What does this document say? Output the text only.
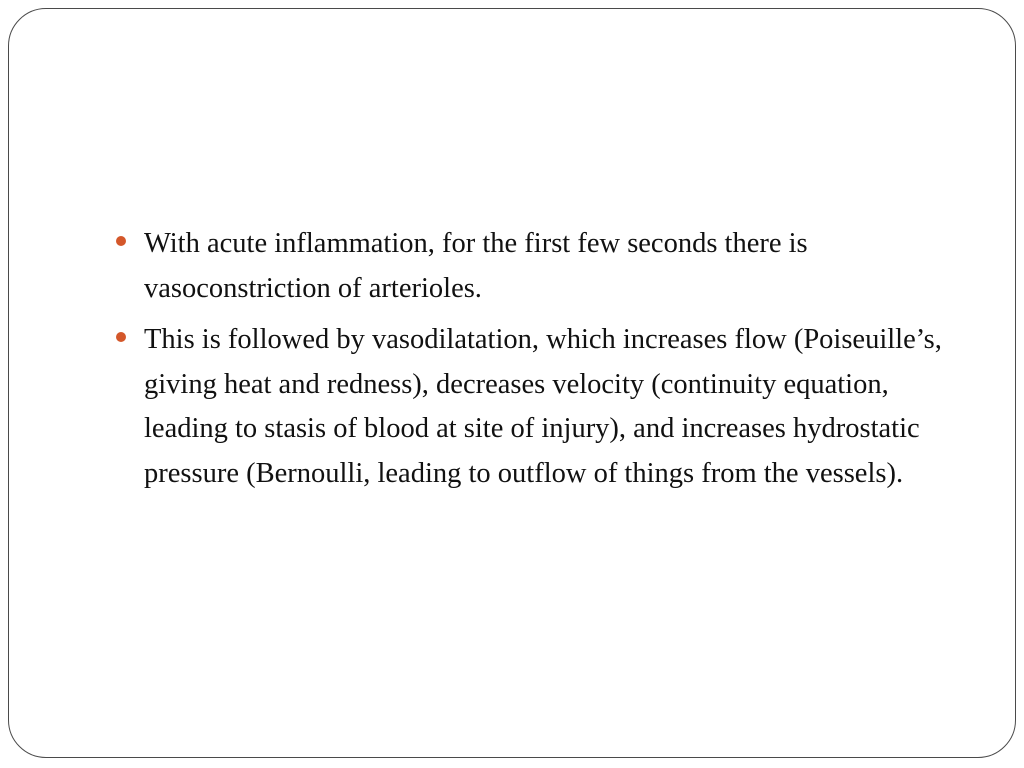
With acute inflammation, for the first few seconds there is vasoconstriction of arterioles.
This is followed by vasodilatation, which increases flow (Poiseuille’s, giving heat and redness), decreases velocity (continuity equation, leading to stasis of blood at site of injury), and increases hydrostatic pressure (Bernoulli, leading to outflow of things from the vessels).
